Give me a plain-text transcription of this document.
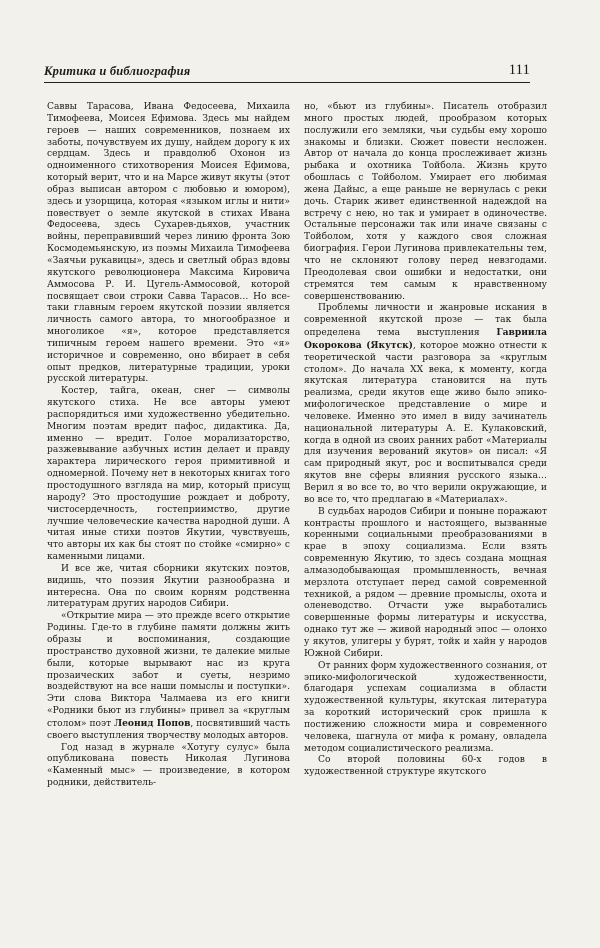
Критика и библиография	111

Саввы Тарасова, Ивана Федосеева, Михаила Тимофеева, Моисея Ефимова. Здесь мы найдем героев — наших современников, познаем их заботы, почувствуем их душу, найдем дорогу к их сердцам. Здесь и правдолюб Охонон из одноименного стихотворения Моисея Ефимова, который верит, что и на Марсе живут якуты (этот образ выписан автором с любовью и юмором), здесь и узорщица, которая «языком иглы и нити» повествует о земле якутской в стихах Ивана Федосеева, здесь Сухарев-дьяхов, участник войны, переправивший через линию фронта Зою Космодемьянскую, из поэмы Михаила Тимофеева «Заячьи рукавицы», здесь и светлый образ вдовы якутского революционера Максима Кировича Аммосова Р. И. Цугель-Аммосовой, которой посвящает свои строки Савва Тарасов… Но все-таки главным героем якутской поэзии является личность самого автора, то многообразное и многоликое «я», которое представляется типичным героем нашего времени. Это «я» историчное и современно, оно вбирает в себя опыт предков, литературные традиции, уроки русской литературы.

Костер, тайга, океан, снег — символы якутского стиха. Не все авторы умеют распорядиться ими художественно убедительно. Многим поэтам вредит пафос, дидактика. Да, именно — вредит. Голое морализаторство, разжевывание азбучных истин делает и правду характера лирического героя примитивной и одномерной. Почему нет в некоторых книгах того простодушного взгляда на мир, который присущ народу? Это простодушие рождает и доброту, чистосердечность, гостеприимство, другие лучшие человеческие качества народной души. А читая иные стихи поэтов Якутии, чувствуешь, что авторы их как бы стоят по стойке «смирно» с каменными лицами.

И все же, читая сборники якутских поэтов, видишь, что поэзия Якутии разнообразна и интересна. Она по своим корням родственна литературам других народов Сибири.

«Открытие мира — это прежде всего открытие Родины. Где-то в глубине памяти должны жить образы и воспоминания, создающие пространство духовной жизни, те далекие милые были, которые вырывают нас из круга прозаических забот и суеты, незримо воздействуют на все наши помыслы и поступки». Эти слова Виктора Чалмаева из его книги «Родники бьют из глубины» привел за «круглым столом» поэт Леонид Попов, посвятивший часть своего выступления творчеству молодых авторов.

Год назад в журнале «Хотугу сулус» была опубликована повесть Николая Лугинова «Каменный мыс» — произведение, в котором родники, действитель-

но, «бьют из глубины». Писатель отобразил много простых людей, прообразом которых послужили его земляки, чьи судьбы ему хорошо знакомы и близки. Сюжет повести несложен. Автор от начала до конца прослеживает жизнь рыбака и охотника Тойбола. Жизнь круто обошлась с Тойболом. Умирает его любимая жена Дайыс, а еще раньше не вернулась с реки дочь. Старик живет единственной надеждой на встречу с нею, но так и умирает в одиночестве. Остальные персонажи так или иначе связаны с Тойболом, хотя у каждого своя сложная биография. Герои Лугинова привлекательны тем, что не склоняют голову перед невзгодами. Преодолевая свои ошибки и недостатки, они стремятся тем самым к нравственному совершенствованию.

Проблемы личности и жанровые искания в современной якутской прозе — так была определена тема выступления Гавриила Окорокова (Якутск), которое можно отнести к теоретической части разговора за «круглым столом». До начала XX века, к моменту, когда якутская литература становится на путь реализма, среди якутов еще живо было эпико-мифологическое представление о мире и человеке. Именно это имел в виду зачинатель национальной литературы А. Е. Кулаковский, когда в одной из своих ранних работ «Материалы для изучения верований якутов» он писал: «Я сам природный якут, рос и воспитывался среди якутов вне сферы влияния русского языка… Верил я во все то, во что верили окружающие, и во все то, что предлагаю в «Материалах».

В судьбах народов Сибири и поныне поражают контрасты прошлого и настоящего, вызванные коренными социальными преобразованиями в крае в эпоху социализма. Если взять современную Якутию, то здесь создана мощная алмазодобывающая промышленность, вечная мерзлота отступает перед самой современной техникой, а рядом — древние промыслы, охота и оленеводство. Отчасти уже выработались совершенные формы литературы и искусства, однако тут же — живой народный эпос — олонхо у якутов, улигеры у бурят, тойк и хайн у народов Южной Сибири.

От ранних форм художественного сознания, от эпико-мифологической художественности, благодаря успехам социализма в области художественной культуры, якутская литература за короткий исторический срок пришла к постижению сложности мира и современного человека, шагнула от мифа к роману, овладела методом социалистического реализма.

Со второй половины 60-х годов в художественной структуре якутского
